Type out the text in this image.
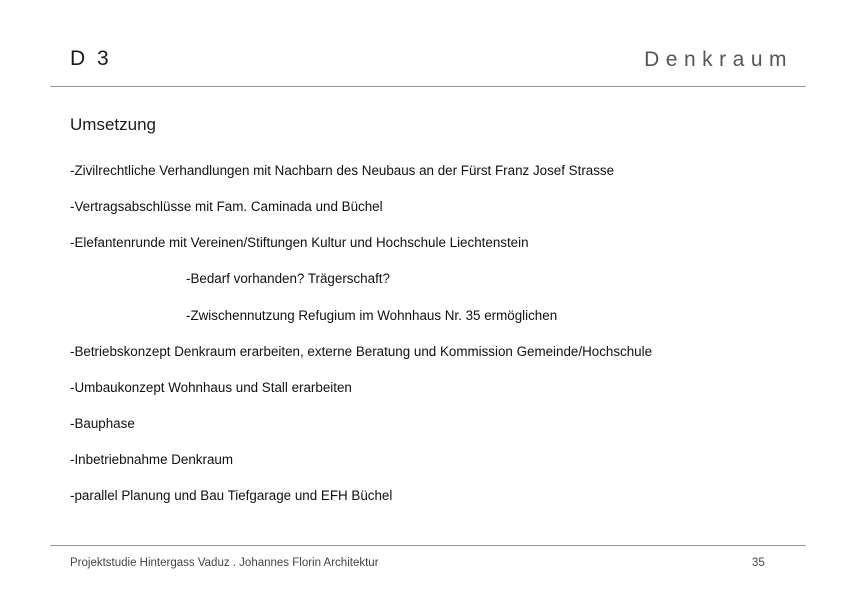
D 3	Denkraum
Umsetzung
-Zivilrechtliche Verhandlungen mit Nachbarn des Neubaus an der Fürst Franz Josef Strasse
-Vertragsabschlüsse mit Fam. Caminada und Büchel
-Elefantenrunde mit Vereinen/Stiftungen Kultur und Hochschule Liechtenstein
-Bedarf vorhanden? Trägerschaft?
-Zwischennutzung Refugium im Wohnhaus Nr. 35 ermöglichen
-Betriebskonzept Denkraum erarbeiten, externe Beratung und Kommission Gemeinde/Hochschule
-Umbaukonzept Wohnhaus und Stall erarbeiten
-Bauphase
-Inbetriebnahme Denkraum
-parallel Planung und Bau Tiefgarage und EFH Büchel
Projektstudie Hintergass Vaduz . Johannes Florin Architektur	35
